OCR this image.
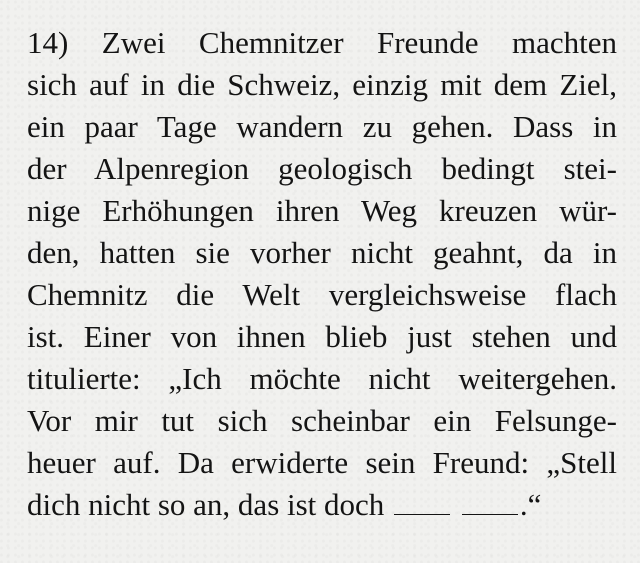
14) Zwei Chemnitzer Freunde machten
sich auf in die Schweiz, einzig mit dem Ziel,
ein paar Tage wandern zu gehen. Dass in
der Alpenregion geologisch bedingt stei-
nige Erhöhungen ihren Weg kreuzen wür-
den, hatten sie vorher nicht geahnt, da in
Chemnitz die Welt vergleichsweise flach
ist. Einer von ihnen blieb just stehen und
titulierte: „Ich möchte nicht weitergehen.
Vor mir tut sich scheinbar ein Felsunge-
heuer auf. Da erwiderte sein Freund: „Stell
dich nicht so an, das ist doch	.“
